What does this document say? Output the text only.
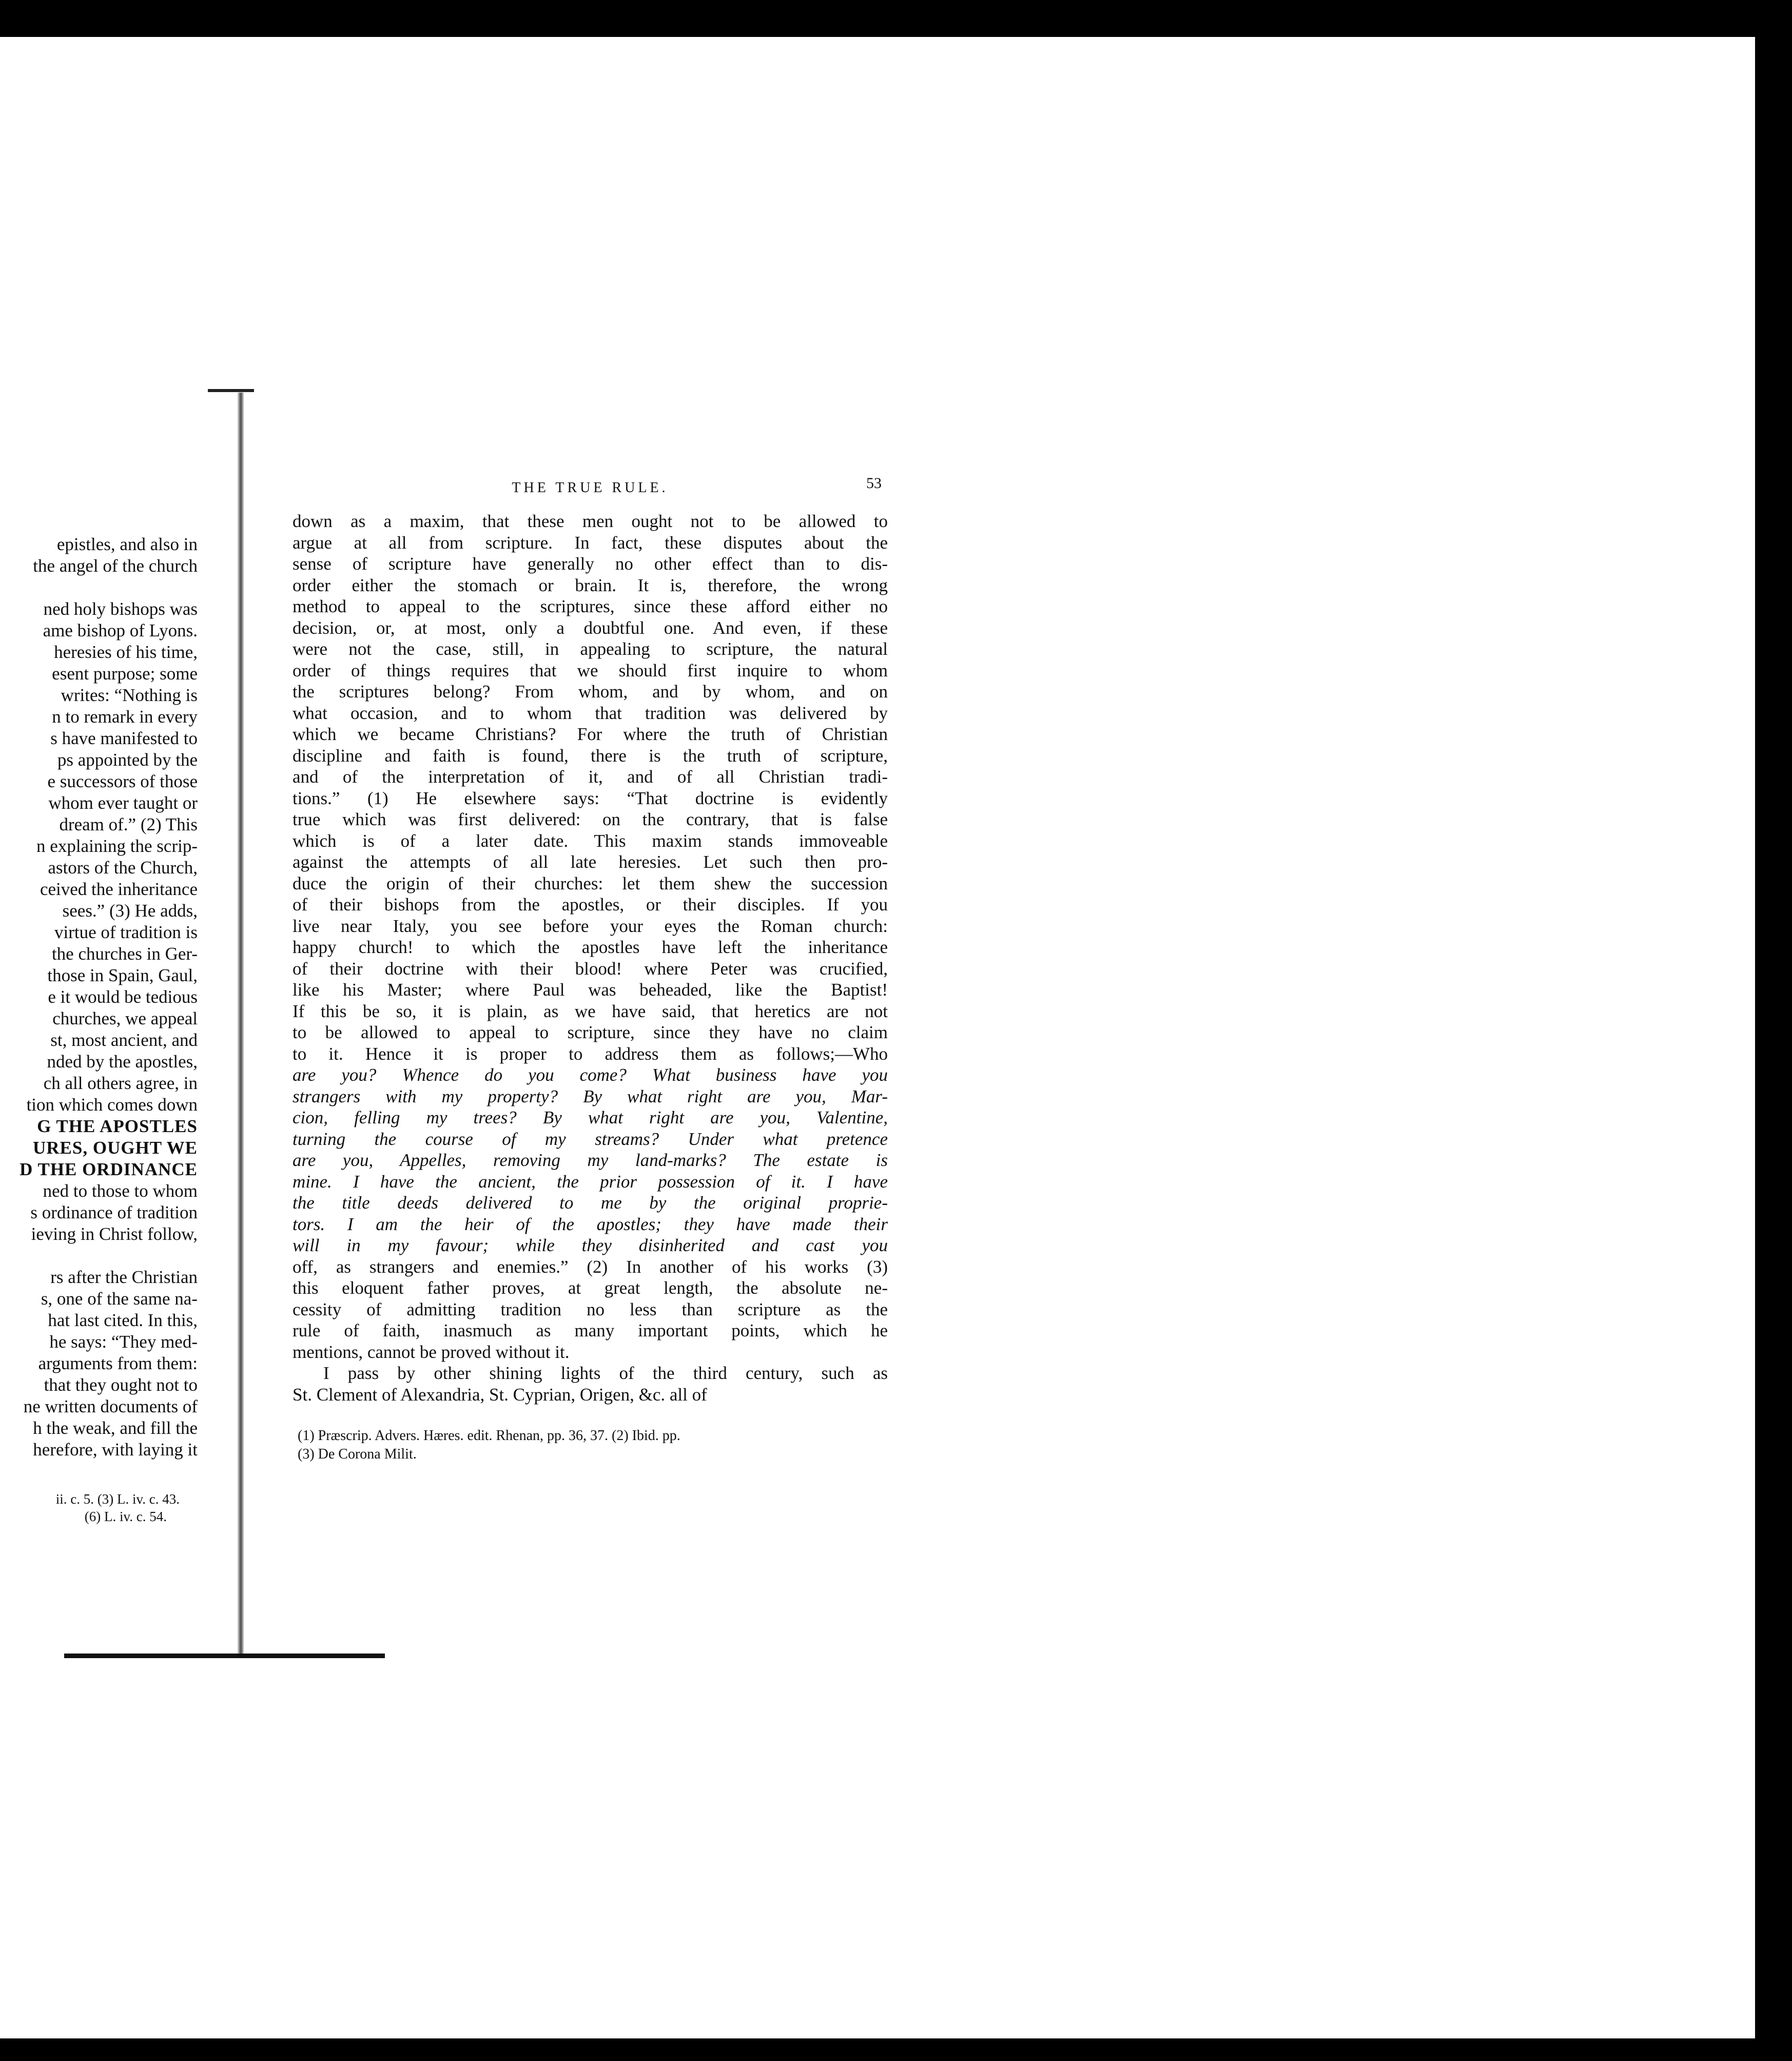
epistles, and also in
the angel of the church
ned holy bishops was
ame bishop of Lyons.
heresies of his time,
esent purpose; some
writes: “Nothing is
n to remark in every
s have manifested to
ps appointed by the
e successors of those
whom ever taught or
dream of.” (2) This
n explaining the scrip-
astors of the Church,
ceived the inheritance
sees.” (3) He adds,
virtue of tradition is
the churches in Ger-
those in Spain, Gaul,
e it would be tedious
churches, we appeal
st, most ancient, and
nded by the apostles,
ch all others agree, in
tion which comes down
G THE APOSTLES
URES, OUGHT WE
D THE ORDINANCE
ned to those to whom
s ordinance of tradition
ieving in Christ follow,
rs after the Christian
s, one of the same na-
hat last cited. In this,
he says: “They med-
arguments from them:
that they ought not to
ne written documents of
h the weak, and fill the
herefore, with laying it
ii. c. 5. (3) L. iv. c. 43.
(6) L. iv. c. 54.
THE TRUE RULE.	53
down as a maxim, that these men ought not to be allowed to
argue at all from scripture. In fact, these disputes about the
sense of scripture have generally no other effect than to dis-
order either the stomach or brain. It is, therefore, the wrong
method to appeal to the scriptures, since these afford either no
decision, or, at most, only a doubtful one. And even, if these
were not the case, still, in appealing to scripture, the natural
order of things requires that we should first inquire to whom
the scriptures belong? From whom, and by whom, and on
what occasion, and to whom that tradition was delivered by
which we became Christians? For where the truth of Christian
discipline and faith is found, there is the truth of scripture,
and of the interpretation of it, and of all Christian tradi-
tions.” (1) He elsewhere says: “That doctrine is evidently
true which was first delivered: on the contrary, that is false
which is of a later date. This maxim stands immoveable
against the attempts of all late heresies. Let such then pro-
duce the origin of their churches: let them shew the succession
of their bishops from the apostles, or their disciples. If you
live near Italy, you see before your eyes the Roman church:
happy church! to which the apostles have left the inheritance
of their doctrine with their blood! where Peter was crucified,
like his Master; where Paul was beheaded, like the Baptist!
If this be so, it is plain, as we have said, that heretics are not
to be allowed to appeal to scripture, since they have no claim
to it. Hence it is proper to address them as follows;—Who
are you? Whence do you come? What business have you
strangers with my property? By what right are you, Mar-
cion, felling my trees? By what right are you, Valentine,
turning the course of my streams? Under what pretence
are you, Appelles, removing my land-marks? The estate is
mine. I have the ancient, the prior possession of it. I have
the title deeds delivered to me by the original proprie-
tors. I am the heir of the apostles; they have made their
will in my favour; while they disinherited and cast you
off, as strangers and enemies.” (2) In another of his works (3)
this eloquent father proves, at great length, the absolute ne-
cessity of admitting tradition no less than scripture as the
rule of faith, inasmuch as many important points, which he
mentions, cannot be proved without it.
I pass by other shining lights of the third century, such as
St. Clement of Alexandria, St. Cyprian, Origen, &c. all of
(1) Præscrip. Advers. Hæres. edit. Rhenan, pp. 36, 37. (2) Ibid. pp.
(3) De Corona Milit.
